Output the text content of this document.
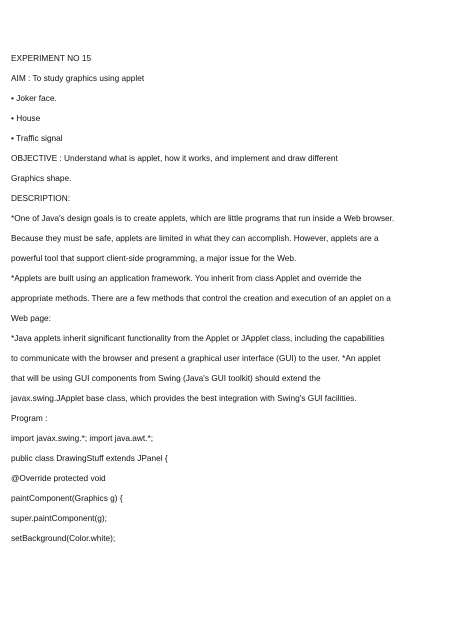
EXPERIMENT NO 15
AIM : To study graphics using applet
• Joker face.
• House
• Traffic signal
OBJECTIVE : Understand what is applet, how it works, and implement and draw different
Graphics shape.
DESCRIPTION:
*One of Java's design goals is to create applets, which are little programs that run inside a Web browser.
Because they must be safe, applets are limited in what they can accomplish. However, applets are a
powerful tool that support client-side programming, a major issue for the Web.
*Applets are built using an application framework. You inherit from class Applet and override the
appropriate methods. There are a few methods that control the creation and execution of an applet on a
Web page:
*Java applets inherit significant functionality from the Applet or JApplet class, including the capabilities
to communicate with the browser and present a graphical user interface (GUI) to the user. *An applet
that will be using GUI components from Swing (Java's GUI toolkit) should extend the
javax.swing.JApplet base class, which provides the best integration with Swing's GUI facilities.
Program :
import javax.swing.*; import java.awt.*;
public class DrawingStuff extends JPanel {
@Override protected void
paintComponent(Graphics g) {
super.paintComponent(g);
setBackground(Color.white);
